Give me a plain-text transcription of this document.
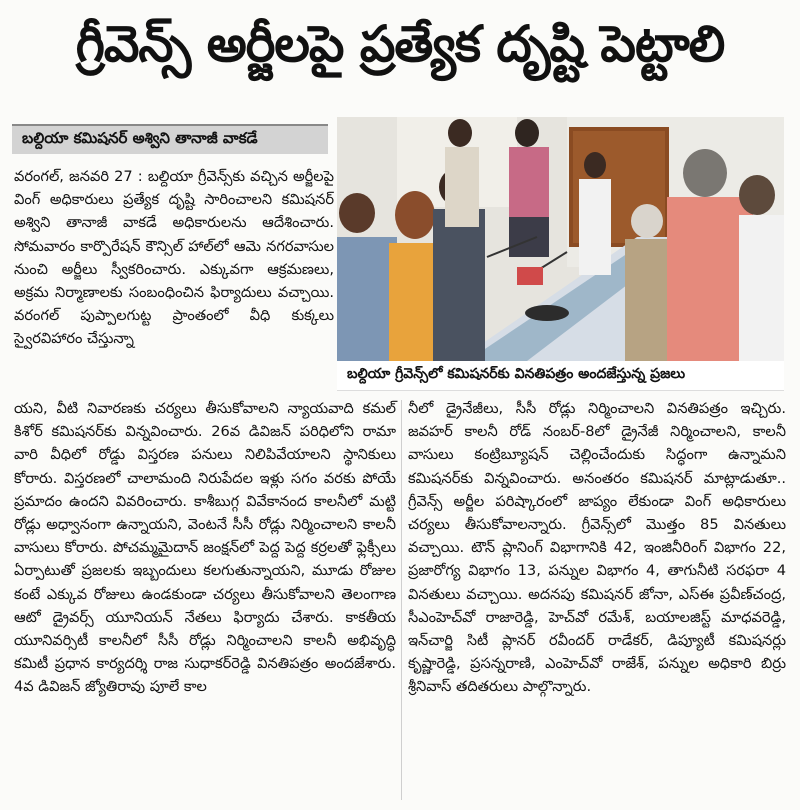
గ్రీవెన్స్ అర్జీలపై ప్రత్యేక దృష్టి పెట్టాలి
బల్దియా కమిషనర్ అశ్విని తానాజీ వాకడే
బల్దియా గ్రీవెన్స్‌లో కమిషనర్‌కు వినతిపత్రం అందజేస్తున్న ప్రజలు

వరంగల్, జనవరి 27 : బల్దియా గ్రీవెన్స్‌కు వచ్చిన అర్జీలపై వింగ్ అధికారులు ప్రత్యేక దృష్టి సారించాలని కమిషనర్ అశ్విని తానాజీ వాకడే అధికారులను ఆదేశించారు. సోమవారం కార్పొరేషన్ కౌన్సిల్ హాల్‌లో ఆమె నగరవాసుల నుంచి అర్జీలు స్వీకరించారు. ఎక్కువగా ఆక్రమణలు, అక్రమ నిర్మాణాలకు సంబంధించిన ఫిర్యాదులు వచ్చాయి. వరంగల్ పుప్పాలగుట్ట ప్రాంతంలో వీధి కుక్కలు స్వైరవిహారం చేస్తున్నా

యని, వీటి నివారణకు చర్యలు తీసుకోవాలని న్యాయవాది కమల్ కిశోర్ కమిషనర్‌కు విన్నవించారు. 26వ డివిజన్ పరిధిలోని రామా వారి వీధిలో రోడ్డు విస్తరణ పనులు నిలిపివేయాలని స్థానికులు కోరారు. విస్తరణలో చాలామంది నిరుపేదల ఇళ్లు సగం వరకు పోయే ప్రమాదం ఉందని వివరించారు. కాశీబుగ్గ వివేకానంద కాలనీలో మట్టి రోడ్లు అధ్వానంగా ఉన్నాయని, వెంటనే సీసీ రోడ్లు నిర్మించాలని కాలనీ వాసులు కోరారు. పోచమ్మమైదాన్ జంక్షన్‌లో పెద్ద పెద్ద కర్రలతో ఫ్లెక్సీలు ఏర్పాటుతో ప్రజలకు ఇబ్బందులు కలగుతున్నాయని, మూడు రోజుల కంటే ఎక్కువ రోజులు ఉండకుండా చర్యలు తీసుకోవాలని తెలంగాణ ఆటో డ్రైవర్స్ యూనియన్ నేతలు ఫిర్యాదు చేశారు. కాకతీయ యూనివర్సిటీ కాలనీలో సీసీ రోడ్లు నిర్మించాలని కాలనీ అభివృద్ధి కమిటీ ప్రధాన కార్యదర్శి రాజ సుధాకర్‌రెడ్డి వినతిపత్రం అందజేశారు. 4వ డివిజన్ జ్యోతిరావు పూలే కాల

నీలో డ్రైనేజీలు, సీసీ రోడ్లు నిర్మించాలని వినతిపత్రం ఇచ్చిరు. జవహర్ కాలనీ రోడ్ నంబర్-8లో డ్రైనేజీ నిర్మించాలని, కాలనీ వాసులు కంట్రిబ్యూషన్ చెల్లించేందుకు సిద్ధంగా ఉన్నామని కమిషనర్‌కు విన్నవించారు. అనంతరం కమిషనర్ మాట్లాడుతూ.. గ్రీవెన్స్ అర్జీల పరిష్కారంలో జాప్యం లేకుండా వింగ్ అధికారులు చర్యలు తీసుకోవాలన్నారు. గ్రీవెన్స్‌లో మొత్తం 85 వినతులు వచ్చాయి. టౌన్ ప్లానింగ్ విభాగానికి 42, ఇంజినీరింగ్ విభాగం 22, ప్రజారోగ్య విభాగం 13, పన్నుల విభాగం 4, తాగునీటి సరఫరా 4 వినతులు వచ్చాయి. అదనపు కమిషనర్ జోనా, ఎస్‌ఈ ప్రవీణ్‌చంద్ర, సీఎంహెచ్‌వో రాజారెడ్డి, హెచ్‌వో రమేశ్, బయాలజిస్ట్ మాధవరెడ్డి, ఇన్‌చార్జి సిటీ ప్లానర్ రవీందర్ రాడేకర్, డిప్యూటీ కమిషనర్లు కృష్ణారెడ్డి, ప్రసన్నరాణి, ఎంహెచ్‌వో రాజేశ్, పన్నుల అధికారి బిర్రు శ్రీనివాస్ తదితరులు పాల్గొన్నారు.
